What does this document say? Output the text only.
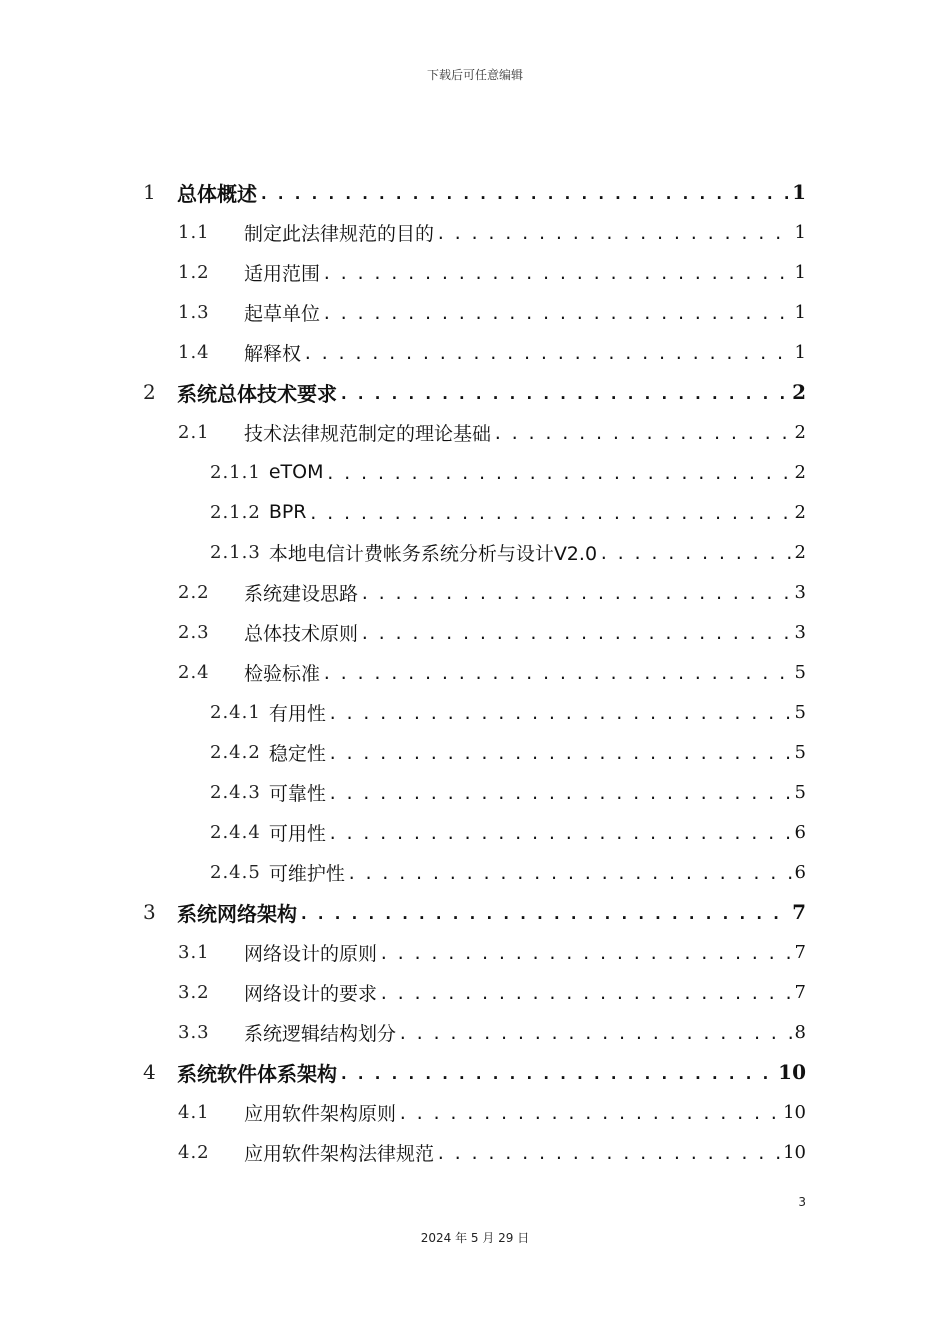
下载后可任意编辑
1	总体概述 . . .	1
1.1	制定此法律规范的目的 . . .	1
1.2	适用范围 . . .	1
1.3	起草单位 . . .	1
1.4	解释权 . . .	1
2	系统总体技术要求 . . .	2
2.1	技术法律规范制定的理论基础 . . .	2
2.1.1 eTOM . . .	2
2.1.2 BPR . . .	2
2.1.3 本地电信计费帐务系统分析与设计V2.0 . . .	2
2.2	系统建设思路 . . .	3
2.3	总体技术原则 . . .	3
2.4	检验标准 . . .	5
2.4.1 有用性 . . .	5
2.4.2 稳定性 . . .	5
2.4.3 可靠性 . . .	5
2.4.4 可用性 . . .	6
2.4.5 可维护性 . . .	6
3	系统网络架构 . . .	7
3.1	网络设计的原则 . . .	7
3.2	网络设计的要求 . . .	7
3.3	系统逻辑结构划分 . . .	8
4	系统软件体系架构 . . .	10
4.1	应用软件架构原则 . . .	10
4.2	应用软件架构法律规范 . . .	10
3
2024 年 5 月 29 日
